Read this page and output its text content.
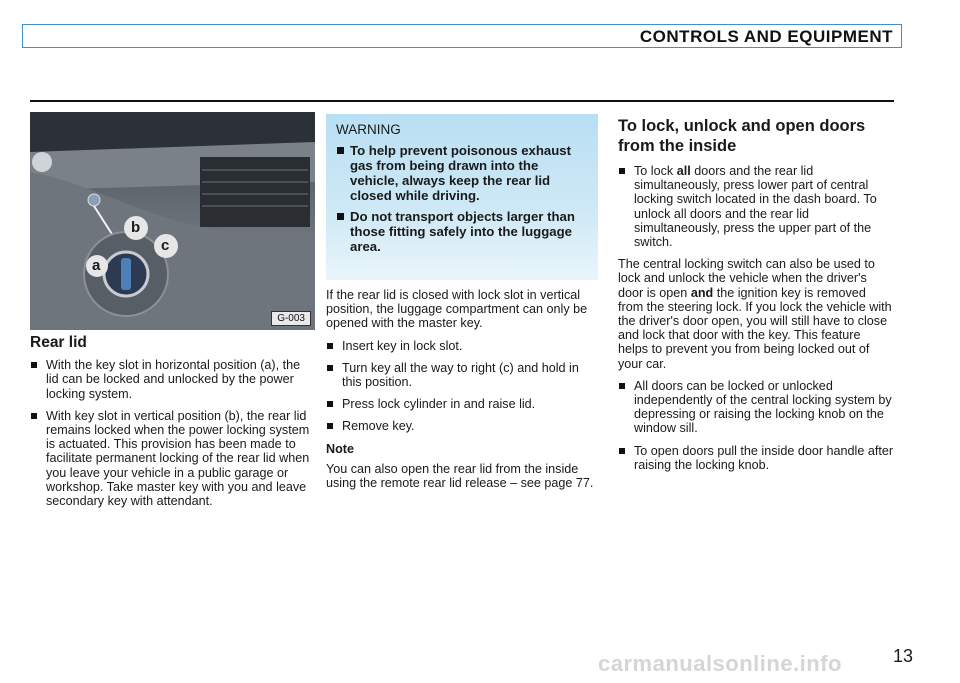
CONTROLS AND EQUIPMENT
b
c
a
G-003
Rear lid
With the key slot in horizontal position (a), the lid can be locked and unlocked by the power locking system.
With key slot in vertical position (b), the rear lid remains locked when the power locking system is actuated. This provision has been made to facilitate permanent locking of the rear lid when you leave your vehicle in a public garage or workshop. Take master key with you and leave secondary key with attendant.
WARNING
To help prevent poisonous exhaust gas from being drawn into the vehicle, always keep the rear lid closed while driving.
Do not transport objects larger than those fitting safely into the luggage area.

If the rear lid is closed with lock slot in vertical position, the luggage compartment can only be opened with the master key.

Insert key in lock slot.
Turn key all the way to right (c) and hold in this position.
Press lock cylinder in and raise lid.
Remove key.
Note

You can also open the rear lid from the inside using the remote rear lid release – see page 77.

To lock, unlock and open doors from the inside
To lock all doors and the rear lid simultaneously, press lower part of central locking switch located in the dash board. To unlock all doors and the rear lid simultaneously, press the upper part of the switch.

The central locking switch can also be used to lock and unlock the vehicle when the driver's door is open and the ignition key is removed from the steering lock. If you lock the vehicle with the driver's door open, you will still have to close and lock that door with the key. This feature helps to prevent you from being locked out of your car.

All doors can be locked or unlocked independently of the central locking system by depressing or raising the locking knob on the window sill.
To open doors pull the inside door handle after raising the locking knob.
carmanualsonline.info	13
